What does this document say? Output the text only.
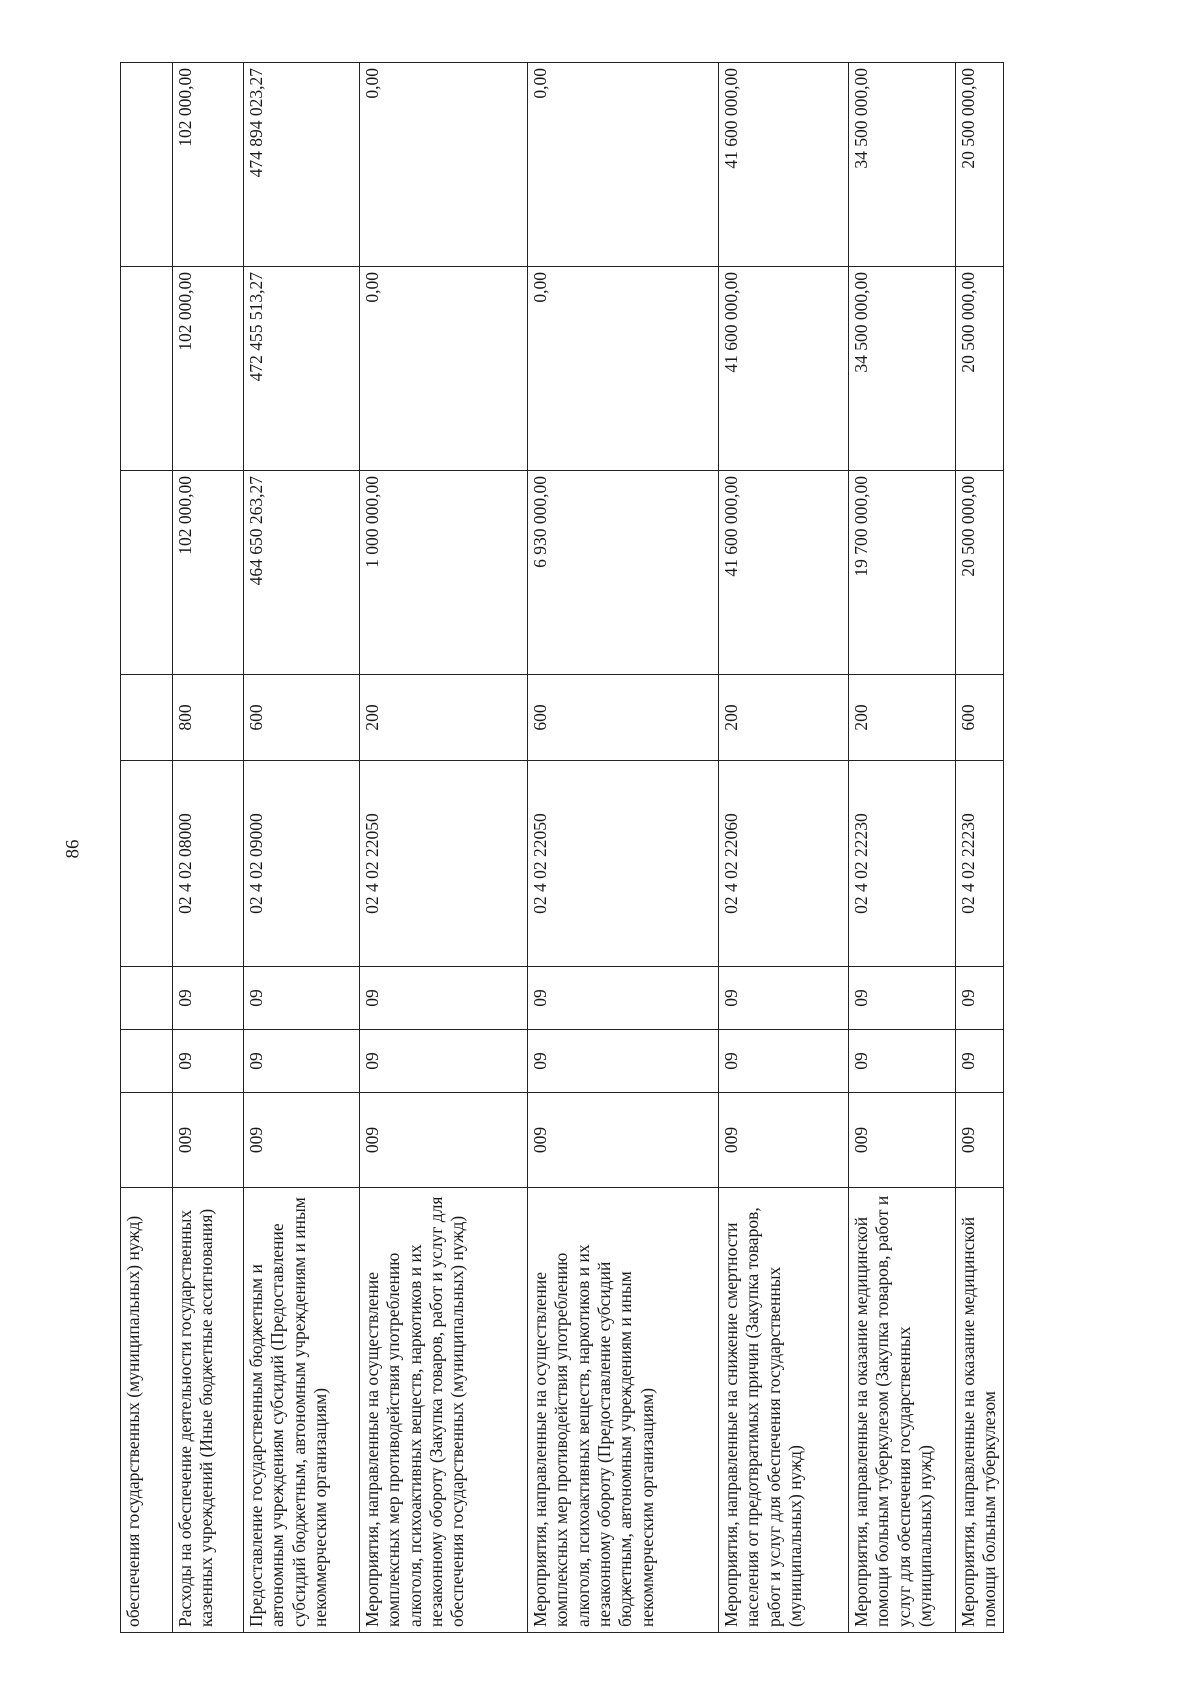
86
обеспечения государственных (муниципальных) нужд)								
Расходы на обеспечение деятельности государственных казенных учреждений (Иные бюджетные ассигнования)	009	09	09	02 4 02 08000	800	102 000,00	102 000,00	102 000,00
Предоставление государственным бюджетным и автономным учреждениям субсидий (Предоставление субсидий бюджетным, автономным учреждениям и иным некоммерческим организациям)	009	09	09	02 4 02 09000	600	464 650 263,27	472 455 513,27	474 894 023,27
Мероприятия, направленные на осуществление комплексных мер противодействия употреблению алкоголя, психоактивных веществ, наркотиков и их незаконному обороту (Закупка товаров, работ и услуг для обеспечения государственных (муниципальных) нужд)	009	09	09	02 4 02 22050	200	1 000 000,00	0,00	0,00
Мероприятия, направленные на осуществление комплексных мер противодействия употреблению алкоголя, психоактивных веществ, наркотиков и их незаконному обороту (Предоставление субсидий бюджетным, автономным учреждениям и иным некоммерческим организациям)	009	09	09	02 4 02 22050	600	6 930 000,00	0,00	0,00
Мероприятия, направленные на снижение смертности населения от предотвратимых причин (Закупка товаров, работ и услуг для обеспечения государственных (муниципальных) нужд)	009	09	09	02 4 02 22060	200	41 600 000,00	41 600 000,00	41 600 000,00
Мероприятия, направленные на оказание медицинской помощи больным туберкулезом (Закупка товаров, работ и услуг для обеспечения государственных (муниципальных) нужд)	009	09	09	02 4 02 22230	200	19 700 000,00	34 500 000,00	34 500 000,00
Мероприятия, направленные на оказание медицинской помощи больным туберкулезом	009	09	09	02 4 02 22230	600	20 500 000,00	20 500 000,00	20 500 000,00
